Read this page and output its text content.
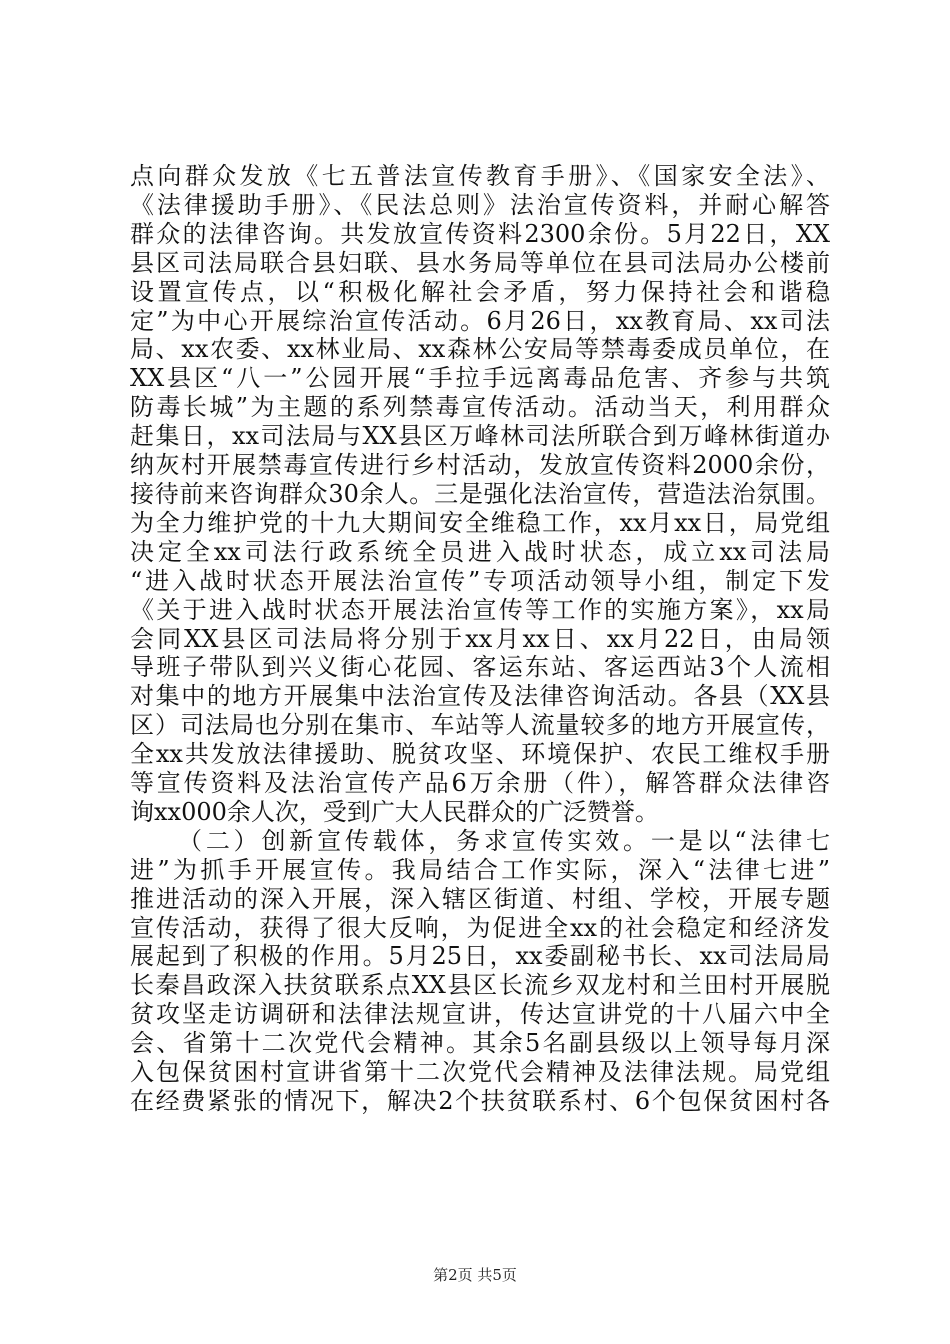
点向群众发放《七五普法宣传教育手册》、《国家安全法》、
《法律援助手册》、《民法总则》法治宣传资料，并耐心解答
群众的法律咨询。共发放宣传资料2300余份。5月22日，XX
县区司法局联合县妇联、县水务局等单位在县司法局办公楼前
设置宣传点，以“积极化解社会矛盾，努力保持社会和谐稳
定”为中心开展综治宣传活动。6月26日，xx教育局、xx司法
局、xx农委、xx林业局、xx森林公安局等禁毒委成员单位，在
XX县区“八一”公园开展“手拉手远离毒品危害、齐参与共筑
防毒长城”为主题的系列禁毒宣传活动。活动当天，利用群众
赶集日，xx司法局与XX县区万峰林司法所联合到万峰林街道办
纳灰村开展禁毒宣传进行乡村活动，发放宣传资料2000余份，
接待前来咨询群众30余人。三是强化法治宣传，营造法治氛围。
为全力维护党的十九大期间安全维稳工作，xx月xx日，局党组
决定全xx司法行政系统全员进入战时状态，成立xx司法局
“进入战时状态开展法治宣传”专项活动领导小组，制定下发
《关于进入战时状态开展法治宣传等工作的实施方案》，xx局
会同XX县区司法局将分别于xx月xx日、xx月22日，由局领
导班子带队到兴义街心花园、客运东站、客运西站3个人流相
对集中的地方开展集中法治宣传及法律咨询活动。各县（XX县
区）司法局也分别在集市、车站等人流量较多的地方开展宣传，
全xx共发放法律援助、脱贫攻坚、环境保护、农民工维权手册
等宣传资料及法治宣传产品6万余册（件），解答群众法律咨
询xx000余人次，受到广大人民群众的广泛赞誉。
（二）创新宣传载体，务求宣传实效。一是以“法律七
进”为抓手开展宣传。我局结合工作实际，深入“法律七进”
推进活动的深入开展，深入辖区街道、村组、学校，开展专题
宣传活动，获得了很大反响，为促进全xx的社会稳定和经济发
展起到了积极的作用。5月25日，xx委副秘书长、xx司法局局
长秦昌政深入扶贫联系点XX县区长流乡双龙村和兰田村开展脱
贫攻坚走访调研和法律法规宣讲，传达宣讲党的十八届六中全
会、省第十二次党代会精神。其余5名副县级以上领导每月深
入包保贫困村宣讲省第十二次党代会精神及法律法规。局党组
在经费紧张的情况下，解决2个扶贫联系村、6个包保贫困村各
第2页 共5页
